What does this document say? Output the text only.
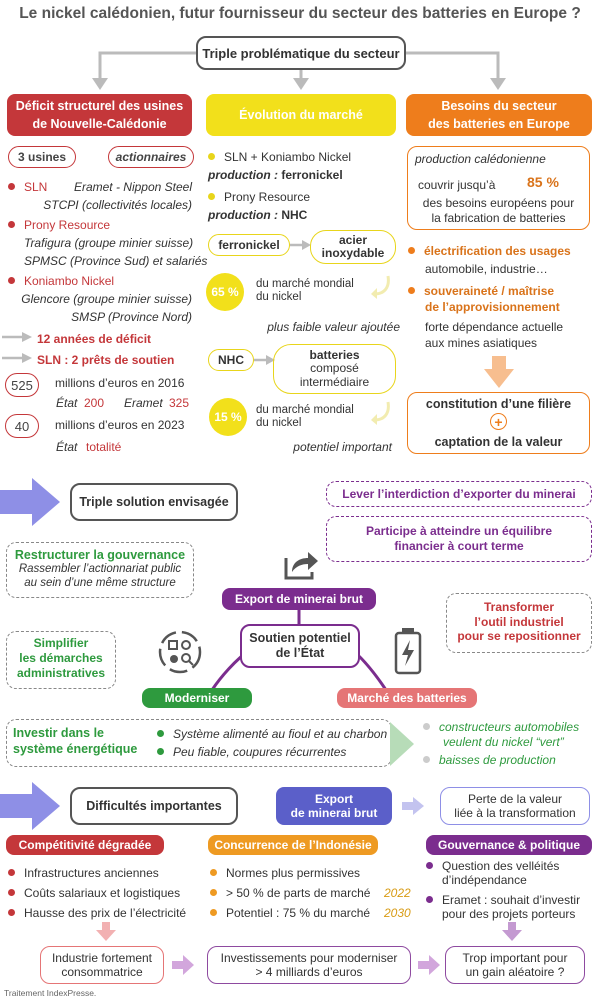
Le nickel calédonien, futur fournisseur du secteur des batteries en Europe ?
Triple problématique du secteur
Déficit structurel des usines
de Nouvelle-Calédonie
3 usines	actionnaires
SLN Eramet - Nippon Steel
STCPI (collectivités locales)
Prony Resource
Trafigura (groupe minier suisse)
SPMSC (Province Sud) et salariés
Koniambo Nickel
Glencore (groupe minier suisse)
SMSP (Province Nord)
12 années de déficit
SLN : 2 prêts de soutien
525	millions d’euros en 2016
État 200 Eramet 325
40	millions d’euros en 2023
État totalité
Évolution du marché
SLN + Koniambo Nickel
production : ferronickel
Prony Resource
production : NHC
ferronickel	acier
inoxydable
65 %
du marché mondial
du nickel
plus faible valeur ajoutée
NHC	batteries
composé
intermédiaire
15 %	du marché mondial
du nickel
potentiel important
Besoins du secteur
des batteries en Europe
production calédonienne
couvrir jusqu’à 85 %
des besoins européens pour
la fabrication de batteries
électrification des usages
automobile, industrie…
souveraineté / maîtrise
de l’approvisionnement
forte dépendance actuelle
aux mines asiatiques
constitution d’une filière
+
captation de la valeur
Triple solution envisagée
Lever l’interdiction d’exporter du minerai
Participe à atteindre un équilibre
financier à court terme
Restructurer la gouvernance
Rassembler l’actionnariat public
au sein d’une même structure
Export de minerai brut
Transformer
l’outil industriel
pour se repositionner
Simplifier
les démarches
administratives
Soutien potentiel
de l’État
Moderniser	Marché des batteries
Investir dans le
système énergétique
Système alimenté au fioul et au charbon
Peu fiable, coupures récurrentes
constructeurs automobiles
veulent du nickel “vert”
baisses de production
Difficultés importantes
Export
de minerai brut
Perte de la valeur
liée à la transformation
Compétitivité dégradée	Concurrence de l’Indonésie	Gouvernance & politique
Infrastructures anciennes
Coûts salariaux et logistiques
Hausse des prix de l’électricité
Normes plus permissives
> 50 % de parts de marché 2022
Potentiel : 75 % du marché 2030
Question des velléités
d’indépendance
Eramet : souhait d’investir
pour des projets porteurs
Industrie fortement
consommatrice
Investissements pour moderniser
> 4 milliards d’euros
Trop important pour
un gain aléatoire ?
Traitement IndexPresse.
